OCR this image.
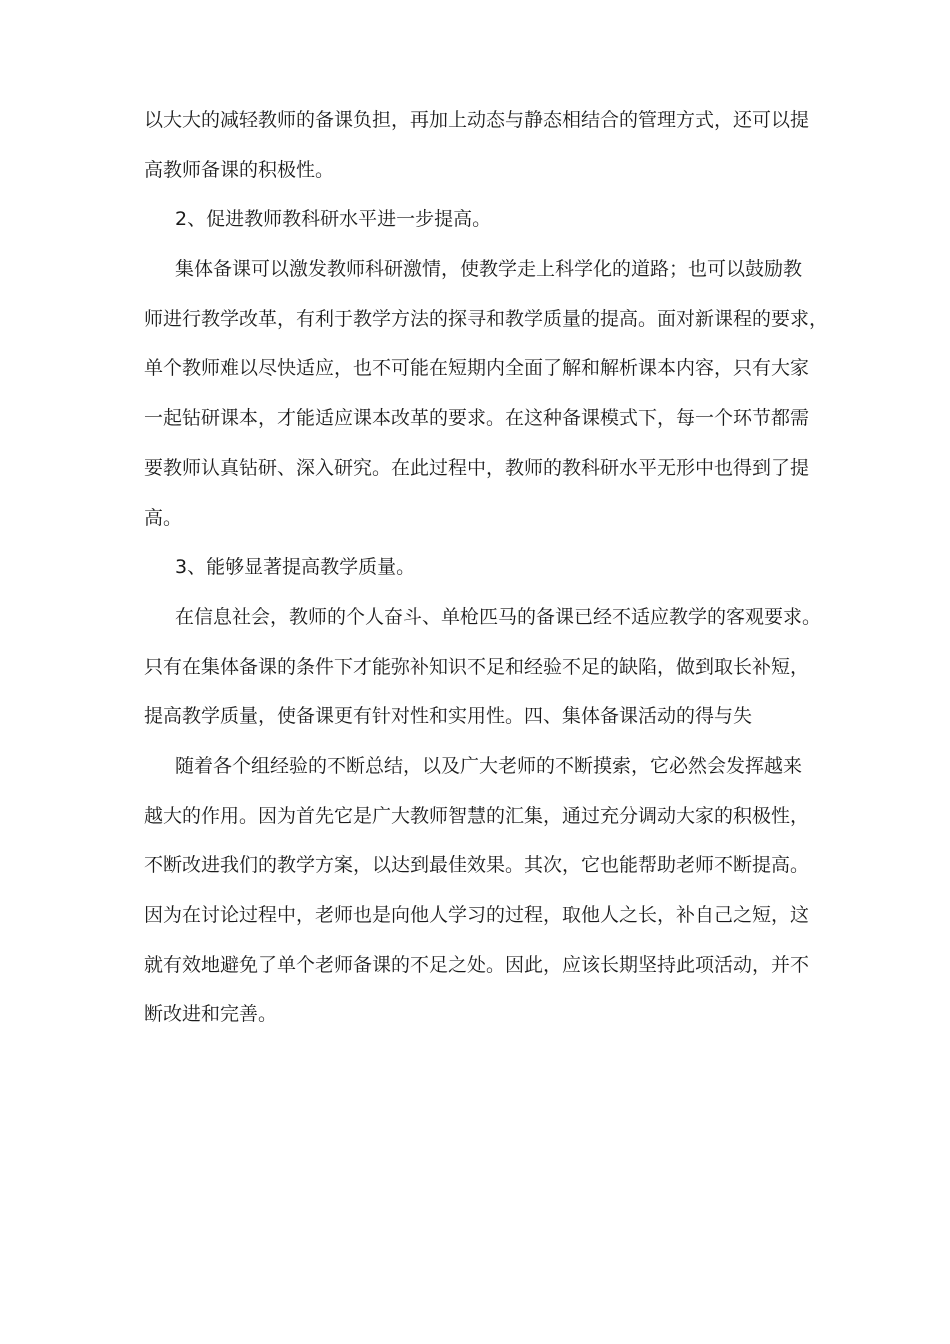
以大大的减轻教师的备课负担，再加上动态与静态相结合的管理方式，还可以提
高教师备课的积极性。
2、促进教师教科研水平进一步提高。
集体备课可以激发教师科研激情，使教学走上科学化的道路；也可以鼓励教
师进行教学改革，有利于教学方法的探寻和教学质量的提高。面对新课程的要求，
单个教师难以尽快适应，也不可能在短期内全面了解和解析课本内容，只有大家
一起钻研课本，才能适应课本改革的要求。在这种备课模式下，每一个环节都需
要教师认真钻研、深入研究。在此过程中，教师的教科研水平无形中也得到了提
高。
3、能够显著提高教学质量。
在信息社会，教师的个人奋斗、单枪匹马的备课已经不适应教学的客观要求。
只有在集体备课的条件下才能弥补知识不足和经验不足的缺陷，做到取长补短，
提高教学质量，使备课更有针对性和实用性。四、集体备课活动的得与失
随着各个组经验的不断总结，以及广大老师的不断摸索，它必然会发挥越来
越大的作用。因为首先它是广大教师智慧的汇集，通过充分调动大家的积极性，
不断改进我们的教学方案，以达到最佳效果。其次，它也能帮助老师不断提高。
因为在讨论过程中，老师也是向他人学习的过程，取他人之长，补自己之短，这
就有效地避免了单个老师备课的不足之处。因此，应该长期坚持此项活动，并不
断改进和完善。
